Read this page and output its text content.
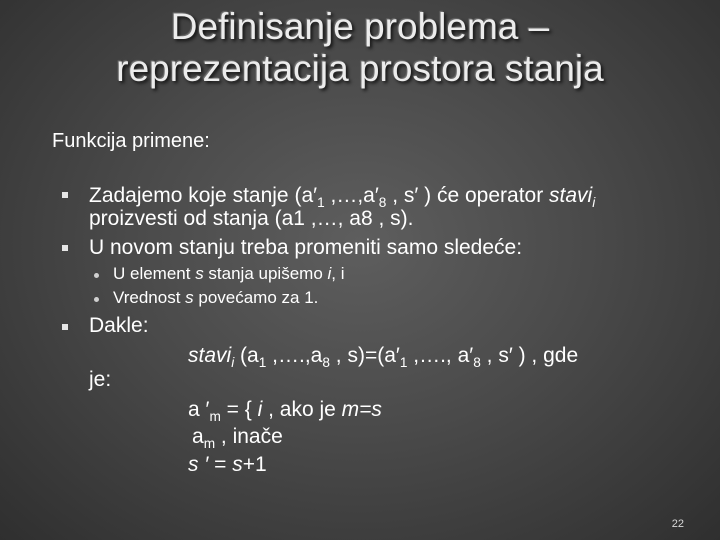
Definisanje problema –
reprezentacija prostora stanja
Funkcija primene:
Zadajemo koje stanje ($a'_1$ $,\dots,a'_8$ , s′ ) će operator stavi$_i$
proizvesti od stanja (a1 ,…, a8 , s).
U novom stanju treba promeniti samo sledeće:
U element s stanja upišemo i, i
Vrednost s povećamo za 1.
Dakle:
je:
stavi$_i$ ($a_1$ $,\dots.,a_8$ , $s)=(a'_1$ ,…., $a'_8$ , s′ ) , gde
a $'_m$ = { i , ako je m=s
$a_m$ , inače
s ′ = s+1
22
